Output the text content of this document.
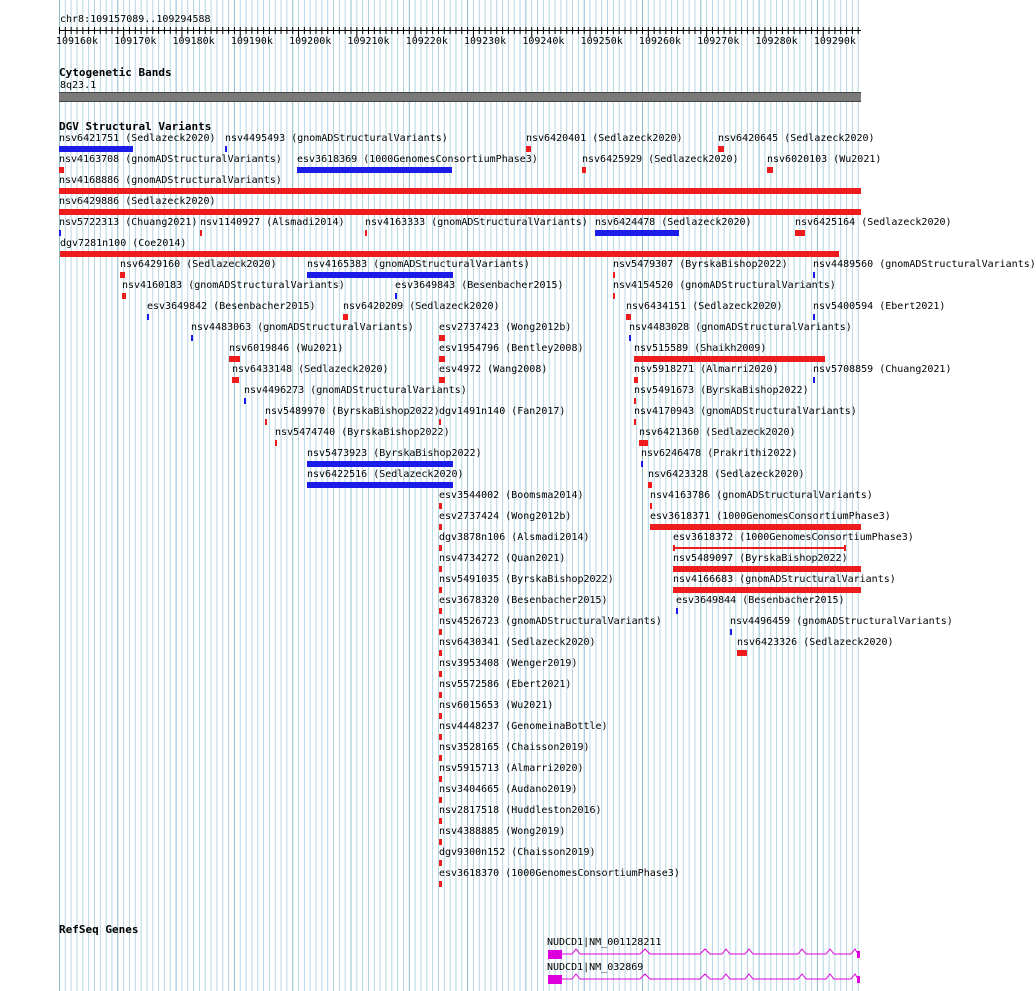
chr8:109157089..109294588
109160k 109170k 109180k 109190k 109200k 109210k 109220k 109230k 109240k 109250k 109260k 109270k 109280k 109290k
Cytogenetic Bands
8q23.1
DGV Structural Variants
nsv6421751 (Sedlazeck2020) nsv4495493 (gnomADStructuralVariants)	nsv6420401 (Sedlazeck2020)	nsv6420645 (Sedlazeck2020)
nsv4163708 (gnomADStructuralVariants) esv3618369 (1000GenomesConsortiumPhase3)	nsv6425929 (Sedlazeck2020)	nsv6020103 (Wu2021)
nsv4168886 (gnomADStructuralVariants)
nsv6429886 (Sedlazeck2020)
nsv5722313 (Chuang2021) nsv1140927 (Alsmadi2014) nsv4163333 (gnomADStructuralVariants) nsv6424478 (Sedlazeck2020)	nsv6425164 (Sedlazeck2020)
dgv7281n100 (Coe2014)
nsv6429160 (Sedlazeck2020)	nsv4165383 (gnomADStructuralVariants)	nsv5479307 (ByrskaBishop2022)	nsv4489560 (gnomADStructuralVariants)
nsv4160183 (gnomADStructuralVariants)	esv3649843 (Besenbacher2015)	nsv4154520 (gnomADStructuralVariants)
esv3649842 (Besenbacher2015)	nsv6420209 (Sedlazeck2020)	nsv6434151 (Sedlazeck2020)	nsv5400594 (Ebert2021)
nsv4483063 (gnomADStructuralVariants)	esv2737423 (Wong2012b)	nsv4483028 (gnomADStructuralVariants)
nsv6019846 (Wu2021)	esv1954796 (Bentley2008)	nsv515589 (Shaikh2009)
nsv6433148 (Sedlazeck2020)	esv4972 (Wang2008)	nsv5918271 (Almarri2020)	nsv5708859 (Chuang2021)
nsv4496273 (gnomADStructuralVariants)	nsv5491673 (ByrskaBishop2022)
nsv5489970 (ByrskaBishop2022) dgv1491n140 (Fan2017)	nsv4170943 (gnomADStructuralVariants)
nsv5474740 (ByrskaBishop2022)	nsv6421360 (Sedlazeck2020)
nsv5473923 (ByrskaBishop2022)	nsv6246478 (Prakrithi2022)
nsv6422516 (Sedlazeck2020)	nsv6423328 (Sedlazeck2020)
esv3544002 (Boomsma2014)	nsv4163786 (gnomADStructuralVariants)
esv2737424 (Wong2012b)	esv3618371 (1000GenomesConsortiumPhase3)
dgv3878n106 (Alsmadi2014)	esv3618372 (1000GenomesConsortiumPhase3)
nsv4734272 (Quan2021)	nsv5489097 (ByrskaBishop2022)
nsv5491035 (ByrskaBishop2022)	nsv4166683 (gnomADStructuralVariants)
esv3678320 (Besenbacher2015)	esv3649844 (Besenbacher2015)
nsv4526723 (gnomADStructuralVariants)	nsv4496459 (gnomADStructuralVariants)
nsv6430341 (Sedlazeck2020)	nsv6423326 (Sedlazeck2020)
nsv3953408 (Wenger2019)
nsv5572586 (Ebert2021)
nsv6015653 (Wu2021)
nsv4448237 (GenomeinaBottle)
nsv3528165 (Chaisson2019)
nsv5915713 (Almarri2020)
nsv3404665 (Audano2019)
nsv2817518 (Huddleston2016)
nsv4388885 (Wong2019)
dgv9300n152 (Chaisson2019)
esv3618370 (1000GenomesConsortiumPhase3)
RefSeq Genes
NUDCD1|NM_001128211
NUDCD1|NM_032869
